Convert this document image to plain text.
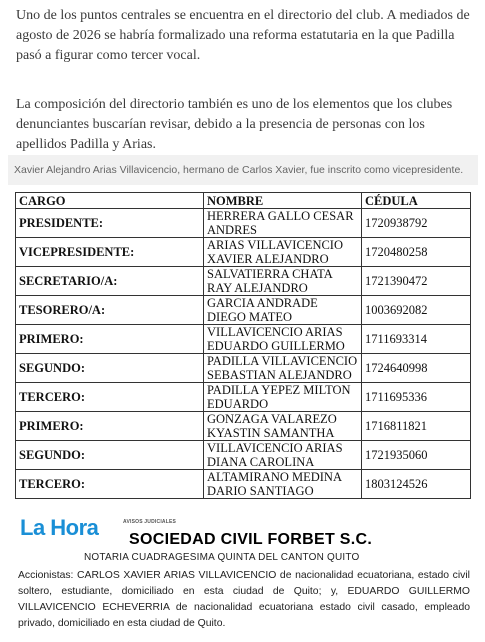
Uno de los puntos centrales se encuentra en el directorio del club. A mediados de agosto de 2026 se habría formalizado una reforma estatutaria en la que Padilla pasó a figurar como tercer vocal.

La composición del directorio también es uno de los elementos que los clubes denunciantes buscarían revisar, debido a la presencia de personas con los apellidos Padilla y Arias.

Xavier Alejandro Arias Villavicencio, hermano de Carlos Xavier, fue inscrito como vicepresidente.
CARGO	NOMBRE	CÉDULA
PRESIDENTE:	HERRERA GALLO CESAR ANDRES	1720938792
VICEPRESIDENTE:	ARIAS VILLAVICENCIO XAVIER ALEJANDRO	1720480258
SECRETARIO/A:	SALVATIERRA CHATA RAY ALEJANDRO	1721390472
TESORERO/A:	GARCIA ANDRADE DIEGO MATEO	1003692082
PRIMERO:	VILLAVICENCIO ARIAS EDUARDO GUILLERMO	1711693314
SEGUNDO:	PADILLA VILLAVICENCIO SEBASTIAN ALEJANDRO	1724640998
TERCERO:	PADILLA YEPEZ MILTON EDUARDO	1711695336
PRIMERO:	GONZAGA VALAREZO KYASTIN SAMANTHA	1716811821
SEGUNDO:	VILLAVICENCIO ARIAS DIANA CAROLINA	1721935060
TERCERO:	ALTAMIRANO MEDINA DARIO SANTIAGO	1803124526
La Hora	AVISOS JUDICIALES
SOCIEDAD CIVIL FORBET S.C.
NOTARIA CUADRAGESIMA QUINTA DEL CANTON QUITO
Accionistas: CARLOS XAVIER ARIAS VILLAVICENCIO de nacionalidad ecuatoriana, estado civil soltero, estudiante, domiciliado en esta ciudad de Quito; y, EDUARDO GUILLERMO VILLAVICENCIO ECHEVERRIA de nacionalidad ecuatoriana estado civil casado, empleado privado, domiciliado en esta ciudad de Quito.
